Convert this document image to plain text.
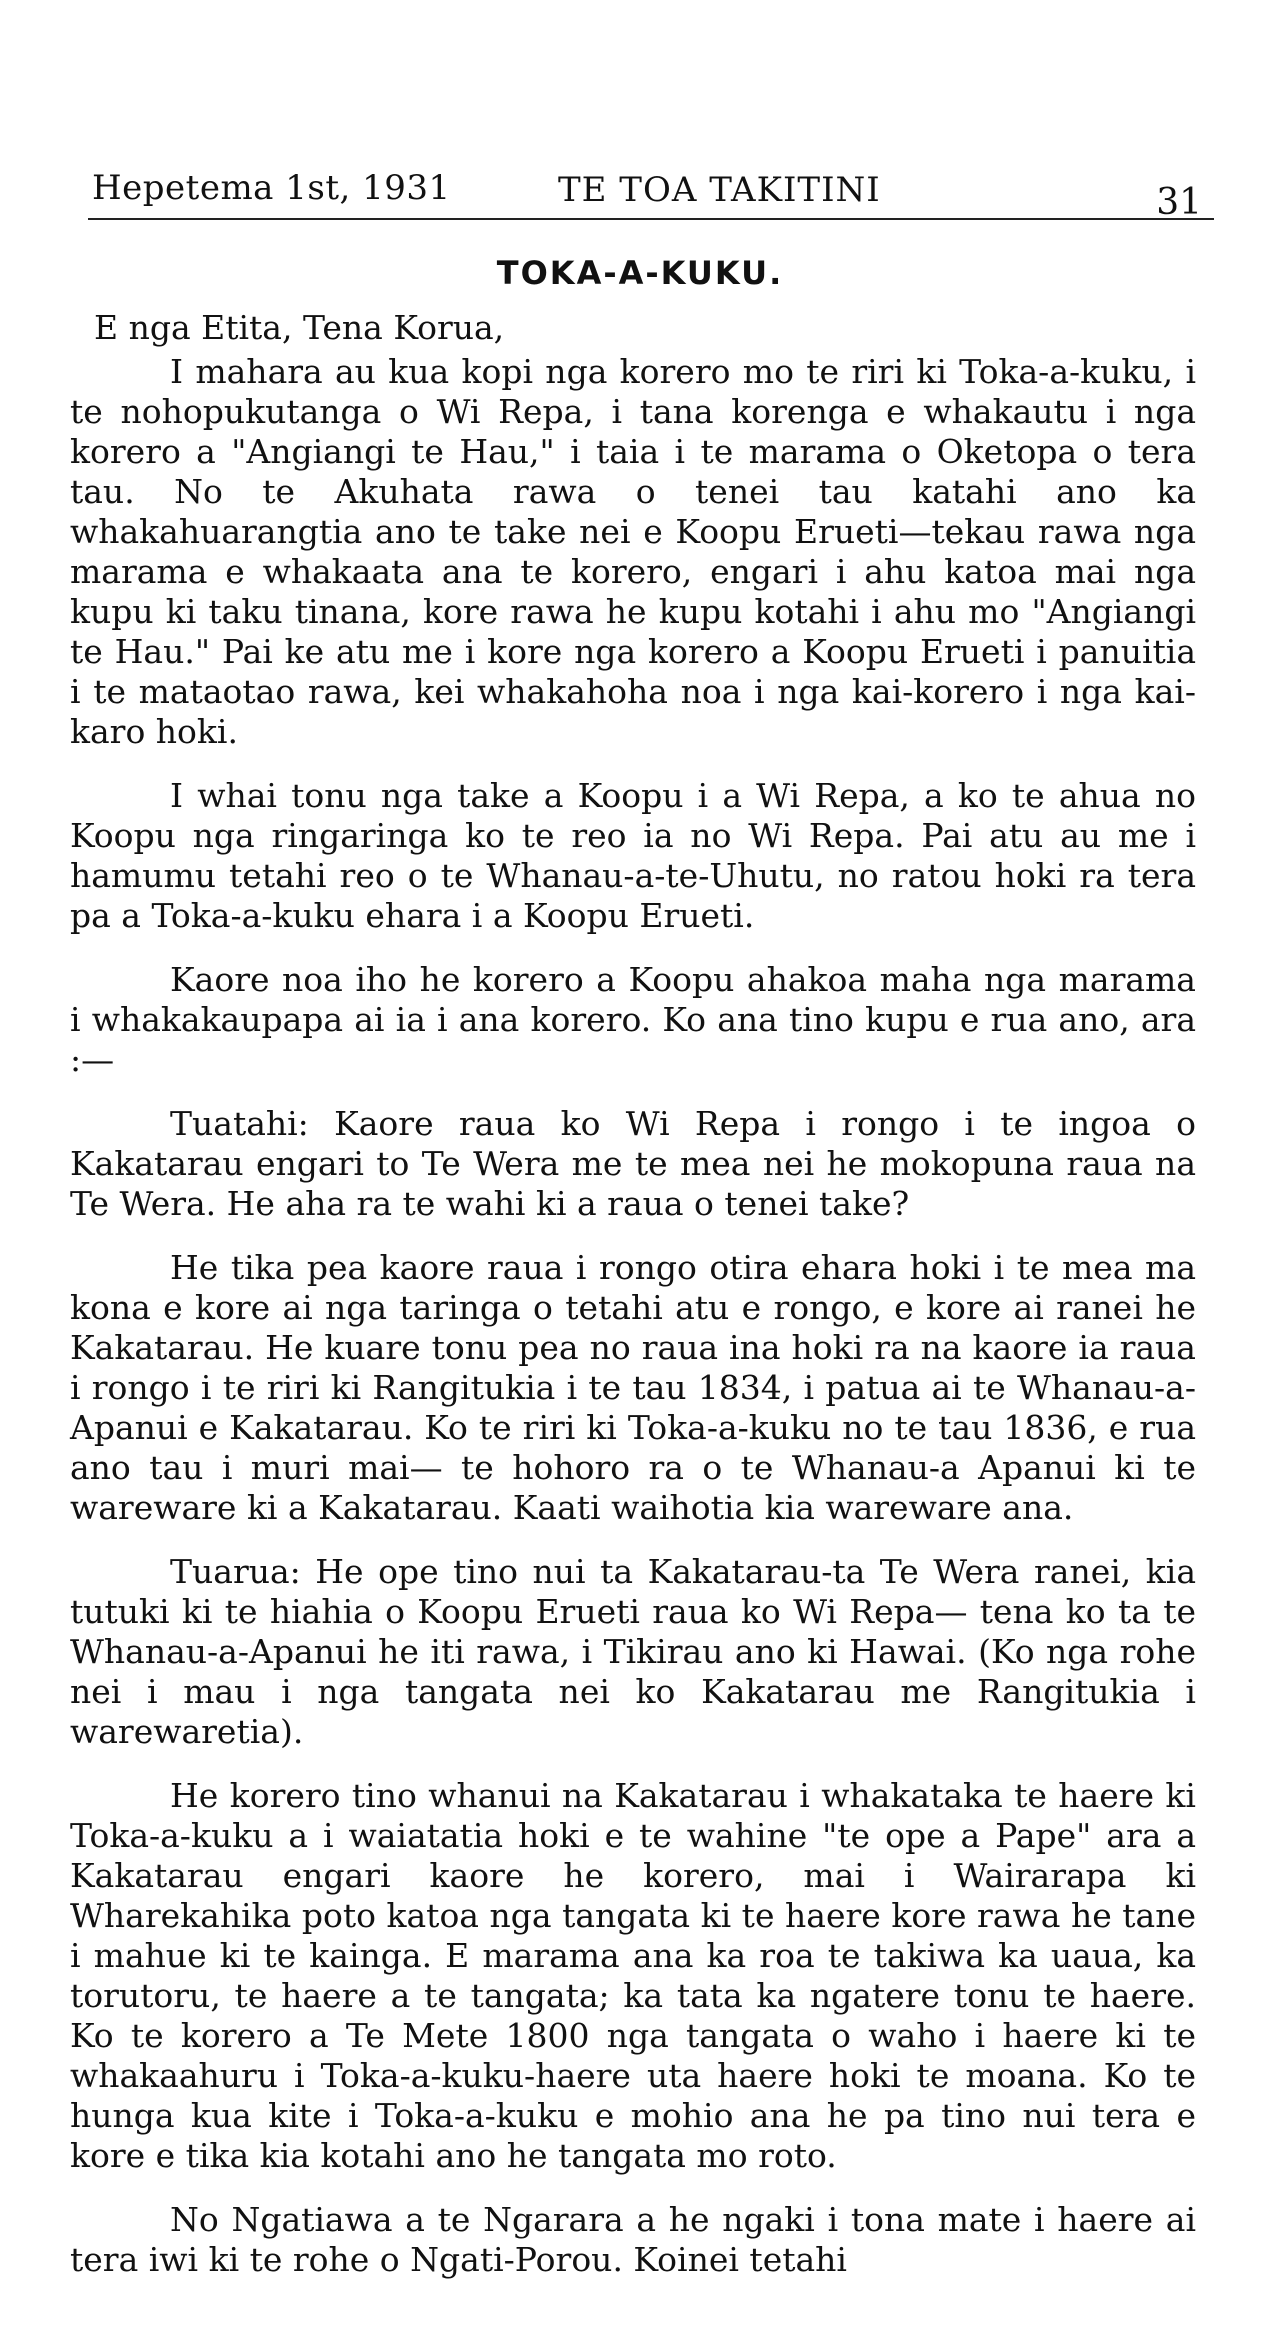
Hepetema 1st, 1931	TE TOA TAKITINI	31
TOKA-A-KUKU.
E nga Etita, Tena Korua,

I mahara au kua kopi nga korero mo te riri ki Toka-a-kuku, i te nohopukutanga o Wi Repa, i tana korenga e whakautu i nga korero a "Angiangi te Hau," i taia i te marama o Oketopa o tera tau. No te Akuhata rawa o tenei tau katahi ano ka whakahuarangtia ano te take nei e Koopu Erueti—tekau rawa nga marama e whakaata ana te korero, engari i ahu katoa mai nga kupu ki taku tinana, kore rawa he kupu kotahi i ahu mo "Angiangi te Hau." Pai ke atu me i kore nga korero a Koopu Erueti i panuitia i te mataotao rawa, kei whakahoha noa i nga kai-korero i nga kai-karo hoki.

I whai tonu nga take a Koopu i a Wi Repa, a ko te ahua no Koopu nga ringaringa ko te reo ia no Wi Repa. Pai atu au me i hamumu tetahi reo o te Whanau-a-te-Uhutu, no ratou hoki ra tera pa a Toka-a-kuku ehara i a Koopu Erueti.

Kaore noa iho he korero a Koopu ahakoa maha nga marama i whakakaupapa ai ia i ana korero. Ko ana tino kupu e rua ano, ara :—

Tuatahi: Kaore raua ko Wi Repa i rongo i te ingoa o Kakatarau engari to Te Wera me te mea nei he mokopuna raua na Te Wera. He aha ra te wahi ki a raua o tenei take?

He tika pea kaore raua i rongo otira ehara hoki i te mea ma kona e kore ai nga taringa o tetahi atu e rongo, e kore ai ranei he Kakatarau. He kuare tonu pea no raua ina hoki ra na kaore ia raua i rongo i te riri ki Rangitukia i te tau 1834, i patua ai te Whanau-a-Apanui e Kakatarau. Ko te riri ki Toka-a-kuku no te tau 1836, e rua ano tau i muri mai— te hohoro ra o te Whanau-a Apanui ki te wareware ki a Kakatarau. Kaati waihotia kia wareware ana.

Tuarua: He ope tino nui ta Kakatarau-ta Te Wera ranei, kia tutuki ki te hiahia o Koopu Erueti raua ko Wi Repa— tena ko ta te Whanau-a-Apanui he iti rawa, i Tikirau ano ki Hawai. (Ko nga rohe nei i mau i nga tangata nei ko Kakatarau me Rangitukia i warewaretia).

He korero tino whanui na Kakatarau i whakataka te haere ki Toka-a-kuku a i waiatatia hoki e te wahine "te ope a Pape" ara a Kakatarau engari kaore he korero, mai i Wairarapa ki Wharekahika poto katoa nga tangata ki te haere kore rawa he tane i mahue ki te kainga. E marama ana ka roa te takiwa ka uaua, ka torutoru, te haere a te tangata; ka tata ka ngatere tonu te haere. Ko te korero a Te Mete 1800 nga tangata o waho i haere ki te whakaahuru i Toka-a-kuku-haere uta haere hoki te moana. Ko te hunga kua kite i Toka-a-kuku e mohio ana he pa tino nui tera e kore e tika kia kotahi ano he tangata mo roto.

No Ngatiawa a te Ngarara a he ngaki i tona mate i haere ai tera iwi ki te rohe o Ngati-Porou. Koinei tetahi
